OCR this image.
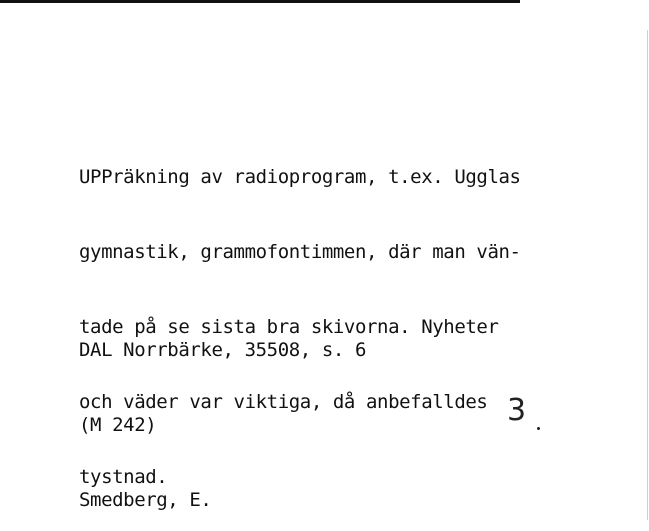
UPPräkning av radioprogram, t.ex. Ugglas

gymnastik, grammofontimmen, där man vän-

tade på se sista bra skivorna. Nyheter

och väder var viktiga, då anbefalldes

tystnad.

DAL Norrbärke, 35508, s. 6

(M 242)

Smedberg, E.

3
